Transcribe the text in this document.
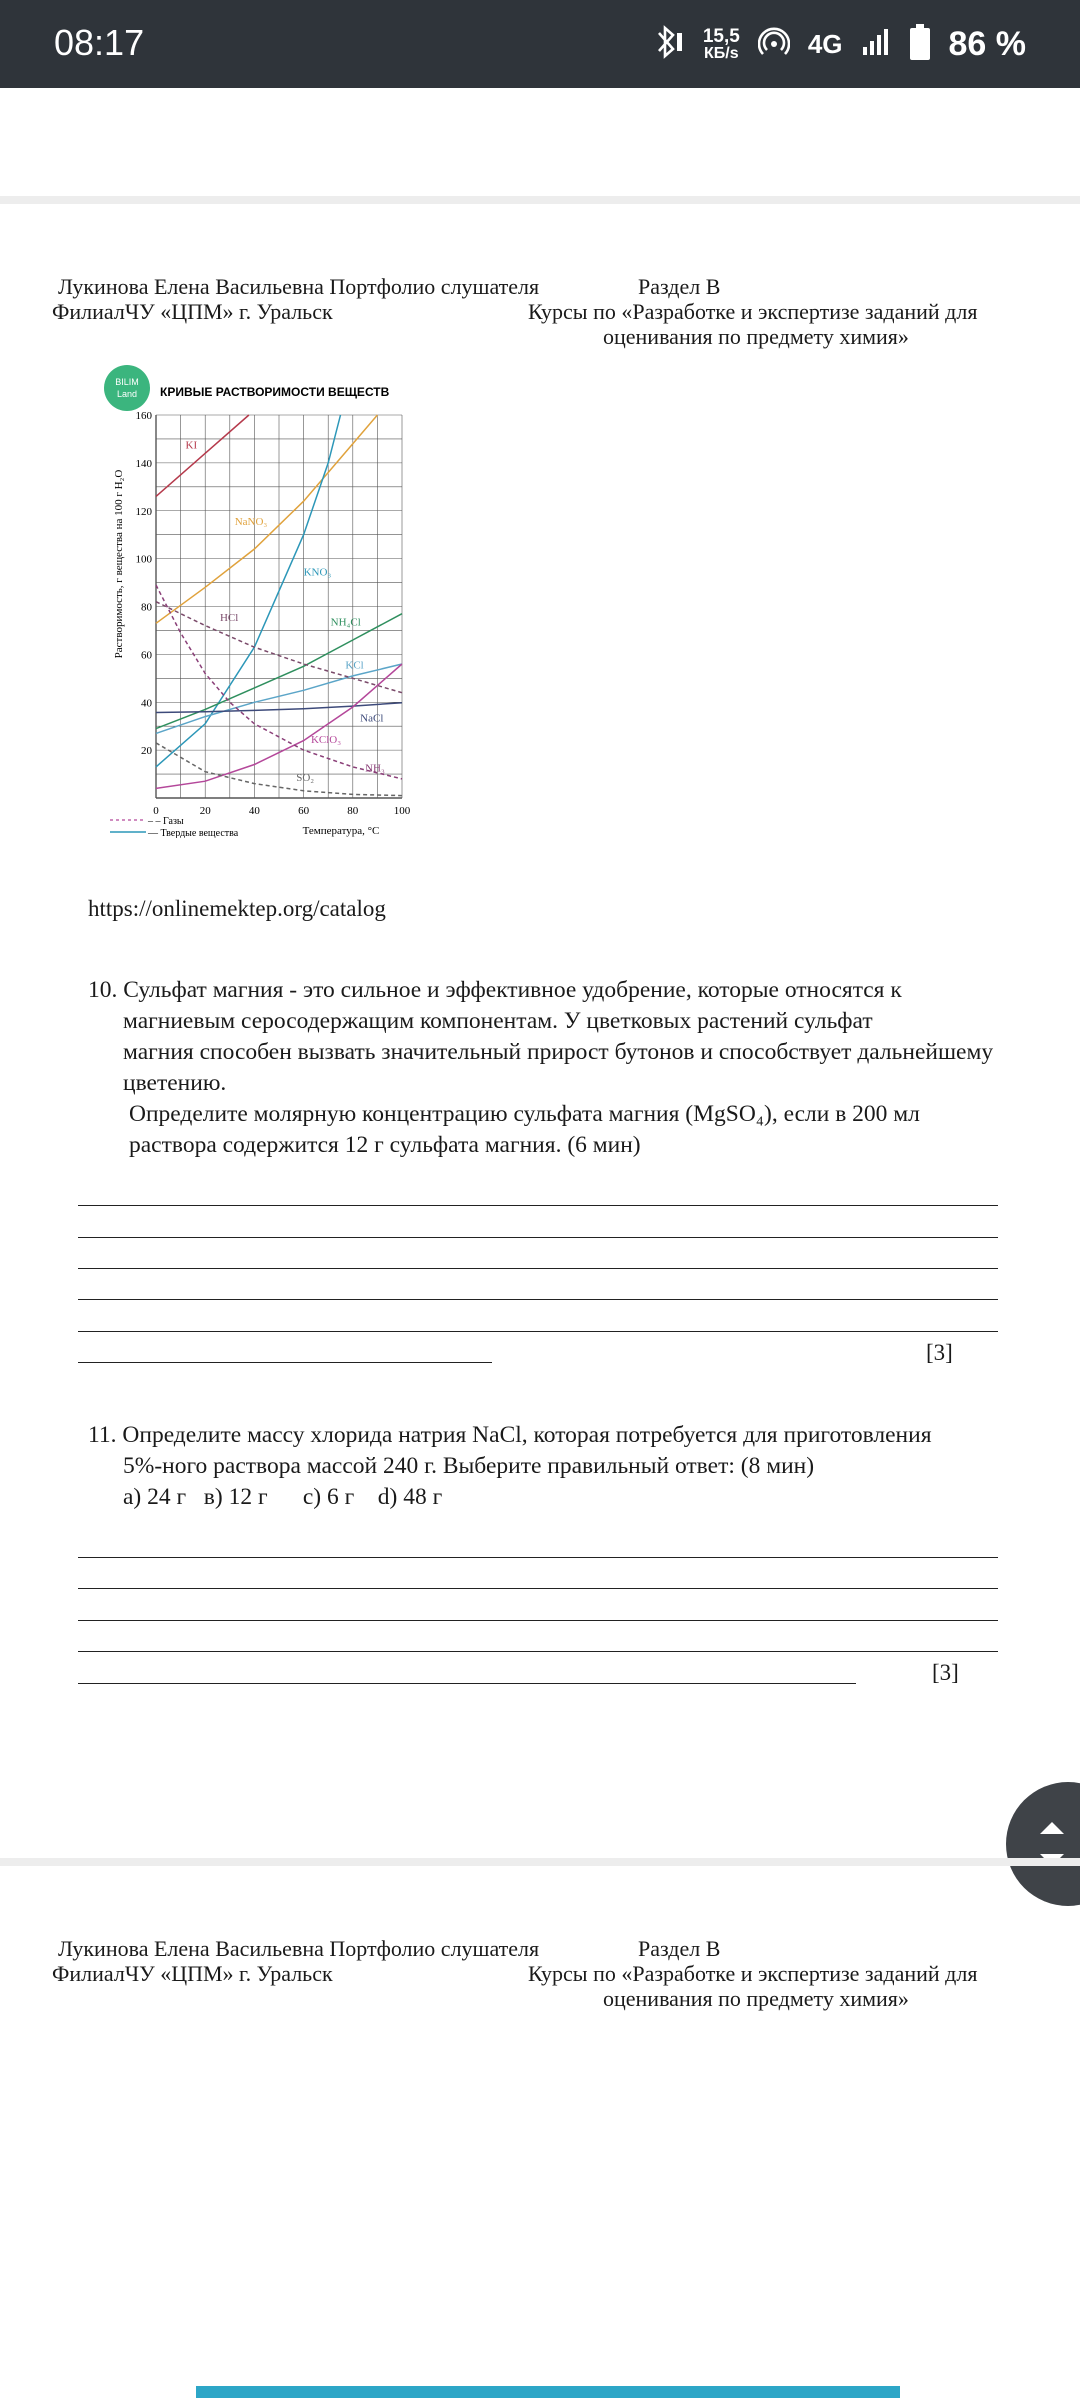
08:17	15,5
КБ/s	4G	86 %
Лукинова Елена Васильевна Портфолио слушателя	Раздел В
ФилиалЧУ «ЦПМ» г. Уральск	Курсы по «Разработке и экспертизе заданий для
оценивания по предмету химия»
BILIM
Land КРИВЫЕ РАСТВОРИМОСТИ ВЕЩЕСТВ
0	20	40	60	80	100
20
40
60
80
100
120
140
160
KI
NaNO₃
KNO₃
NH₄Cl
KCl
NaCl
KClO₃
HCl
NH₃
SO₂
Растворимость, г вещества на 100 г H₂O
Температура, °С
– – Газы
— Твердые вещества
https://onlinemektep.org/catalog
10. Сульфат магния - это сильное и эффективное удобрение, которые относятся к
магниевым серосодержащим компонентам. У цветковых растений сульфат
магния способен вызвать значительный прирост бутонов и способствует дальнейшему
цветению.
Определите молярную концентрацию сульфата магния (MgSO₄), если в 200 мл
раствора содержится 12 г сульфата магния. (6 мин)
[3]
11. Определите массу хлорида натрия NaCl, которая потребуется для приготовления
5%-ного раствора массой 240 г. Выберите правильный ответ: (8 мин)
а) 24 г в) 12 г с) 6 г d) 48 г
[3]
Лукинова Елена Васильевна Портфолио слушателя	Раздел В
ФилиалЧУ «ЦПМ» г. Уральск	Курсы по «Разработке и экспертизе заданий для
оценивания по предмету химия»
